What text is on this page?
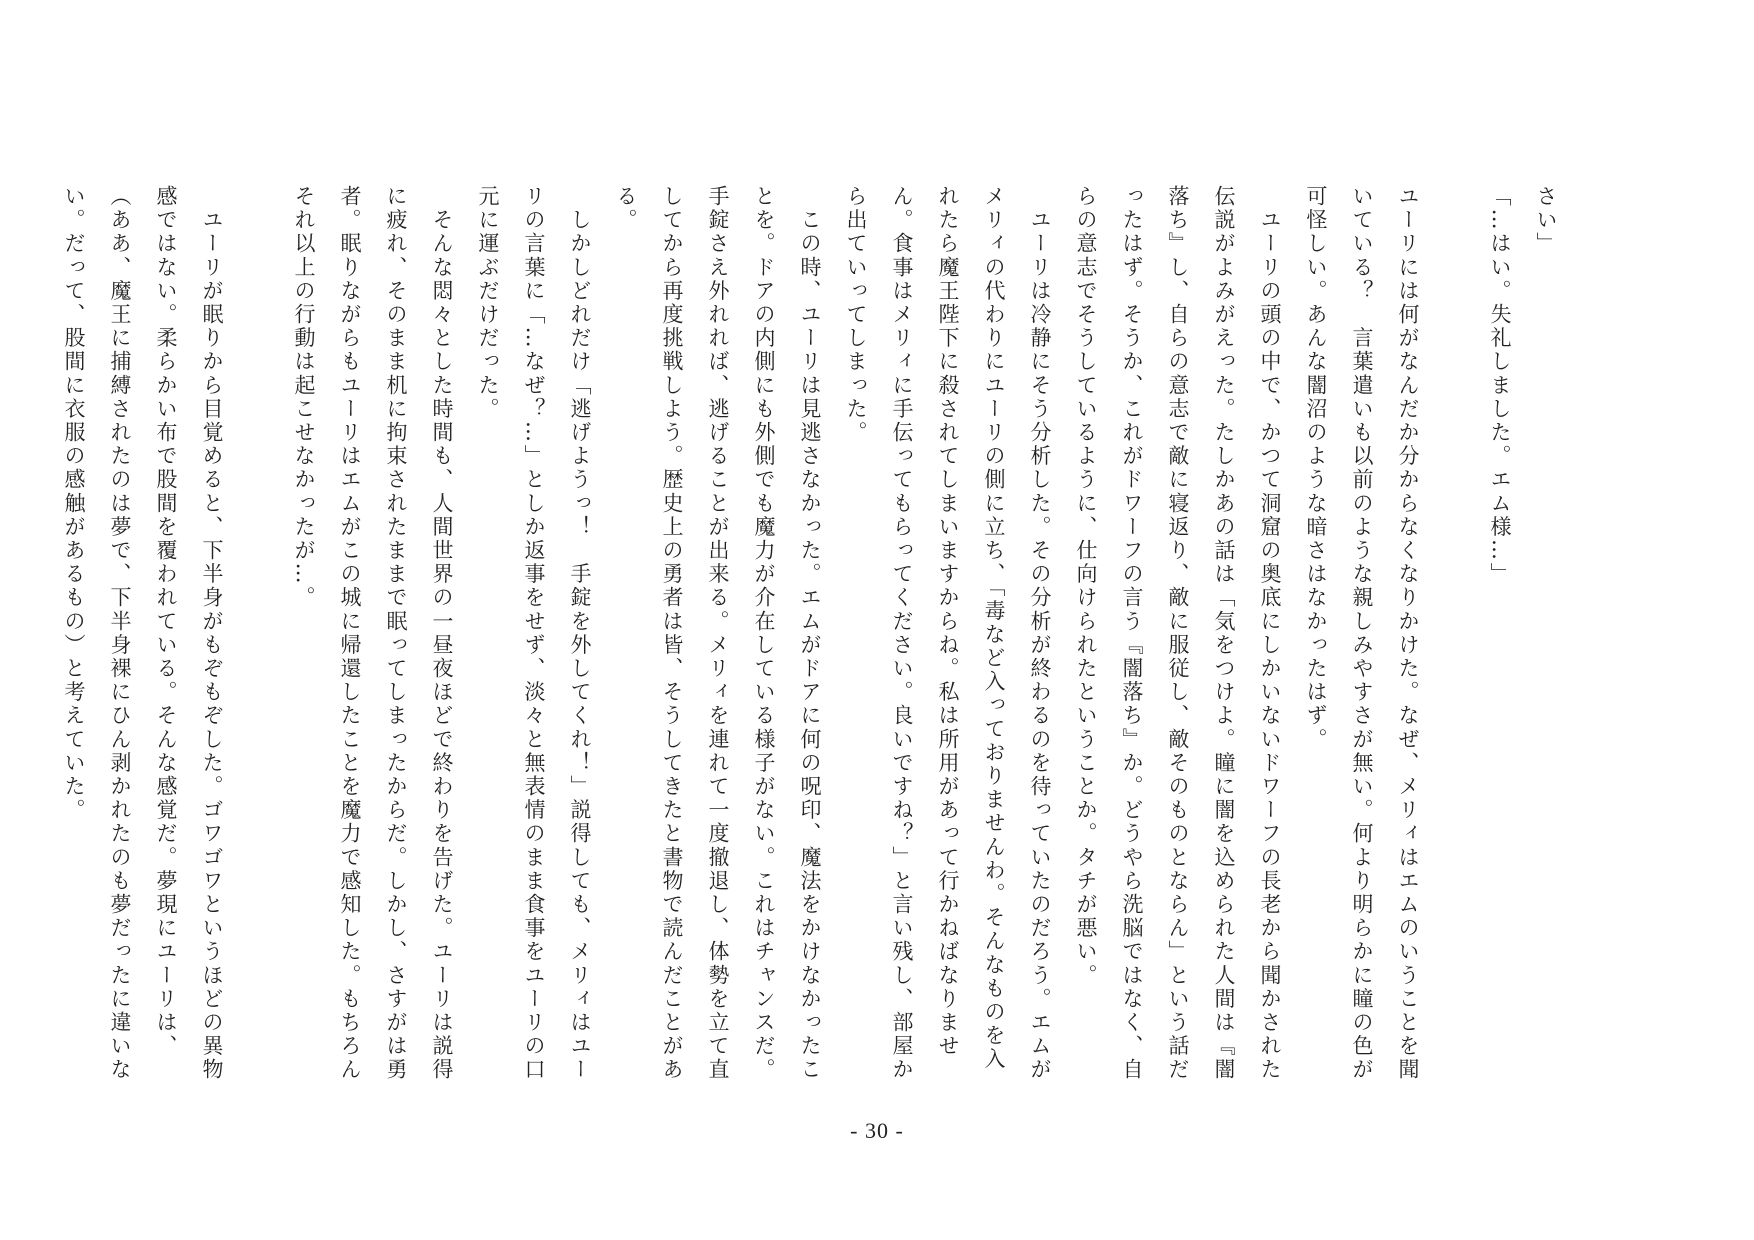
さい」

「…はい。失礼しました。エム様…」

ユーリには何がなんだか分からなくなりかけた。なぜ、メリィはエムのいうことを聞いている？　言葉遣いも以前のような親しみやすさが無い。何より明らかに瞳の色が可怪しい。あんな闇沼のような暗さはなかったはず。

　ユーリの頭の中で、かつて洞窟の奥底にしかいないドワーフの長老から聞かされた伝説がよみがえった。たしかあの話は「気をつけよ。瞳に闇を込められた人間は『闇落ち』し、自らの意志で敵に寝返り、敵に服従し、敵そのものとならん」という話だったはず。そうか、これがドワーフの言う『闇落ち』か。どうやら洗脳ではなく、自らの意志でそうしているように、仕向けられたということか。タチが悪い。

　ユーリは冷静にそう分析した。その分析が終わるのを待っていたのだろう。エムがメリィの代わりにユーリの側に立ち、「毒など入っておりませんわ。そんなものを入れたら魔王陛下に殺されてしまいますからね。私は所用があって行かねばなりません。食事はメリィに手伝ってもらってください。良いですね？」と言い残し、部屋から出ていってしまった。

　この時、ユーリは見逃さなかった。エムがドアに何の呪印、魔法をかけなかったことを。ドアの内側にも外側でも魔力が介在している様子がない。これはチャンスだ。手錠さえ外れれば、逃げることが出来る。メリィを連れて一度撤退し、体勢を立て直してから再度挑戦しよう。歴史上の勇者は皆、そうしてきたと書物で読んだことがある。

　しかしどれだけ「逃げようっ！　手錠を外してくれ！」説得しても、メリィはユーリの言葉に「…なぜ？…」としか返事をせず、淡々と無表情のまま食事をユーリの口元に運ぶだけだった。

　そんな悶々とした時間も、人間世界の一昼夜ほどで終わりを告げた。ユーリは説得に疲れ、そのまま机に拘束されたままで眠ってしまったからだ。しかし、さすがは勇者。眠りながらもユーリはエムがこの城に帰還したことを魔力で感知した。もちろんそれ以上の行動は起こせなかったが…。

　ユーリが眠りから目覚めると、下半身がもぞもぞした。ゴワゴワというほどの異物感ではない。柔らかい布で股間を覆われている。そんな感覚だ。夢現にユーリは、（ああ、魔王に捕縛されたのは夢で、下半身裸にひん剥かれたのも夢だったに違いない。だって、股間に衣服の感触があるもの）と考えていた。

- 30 -
